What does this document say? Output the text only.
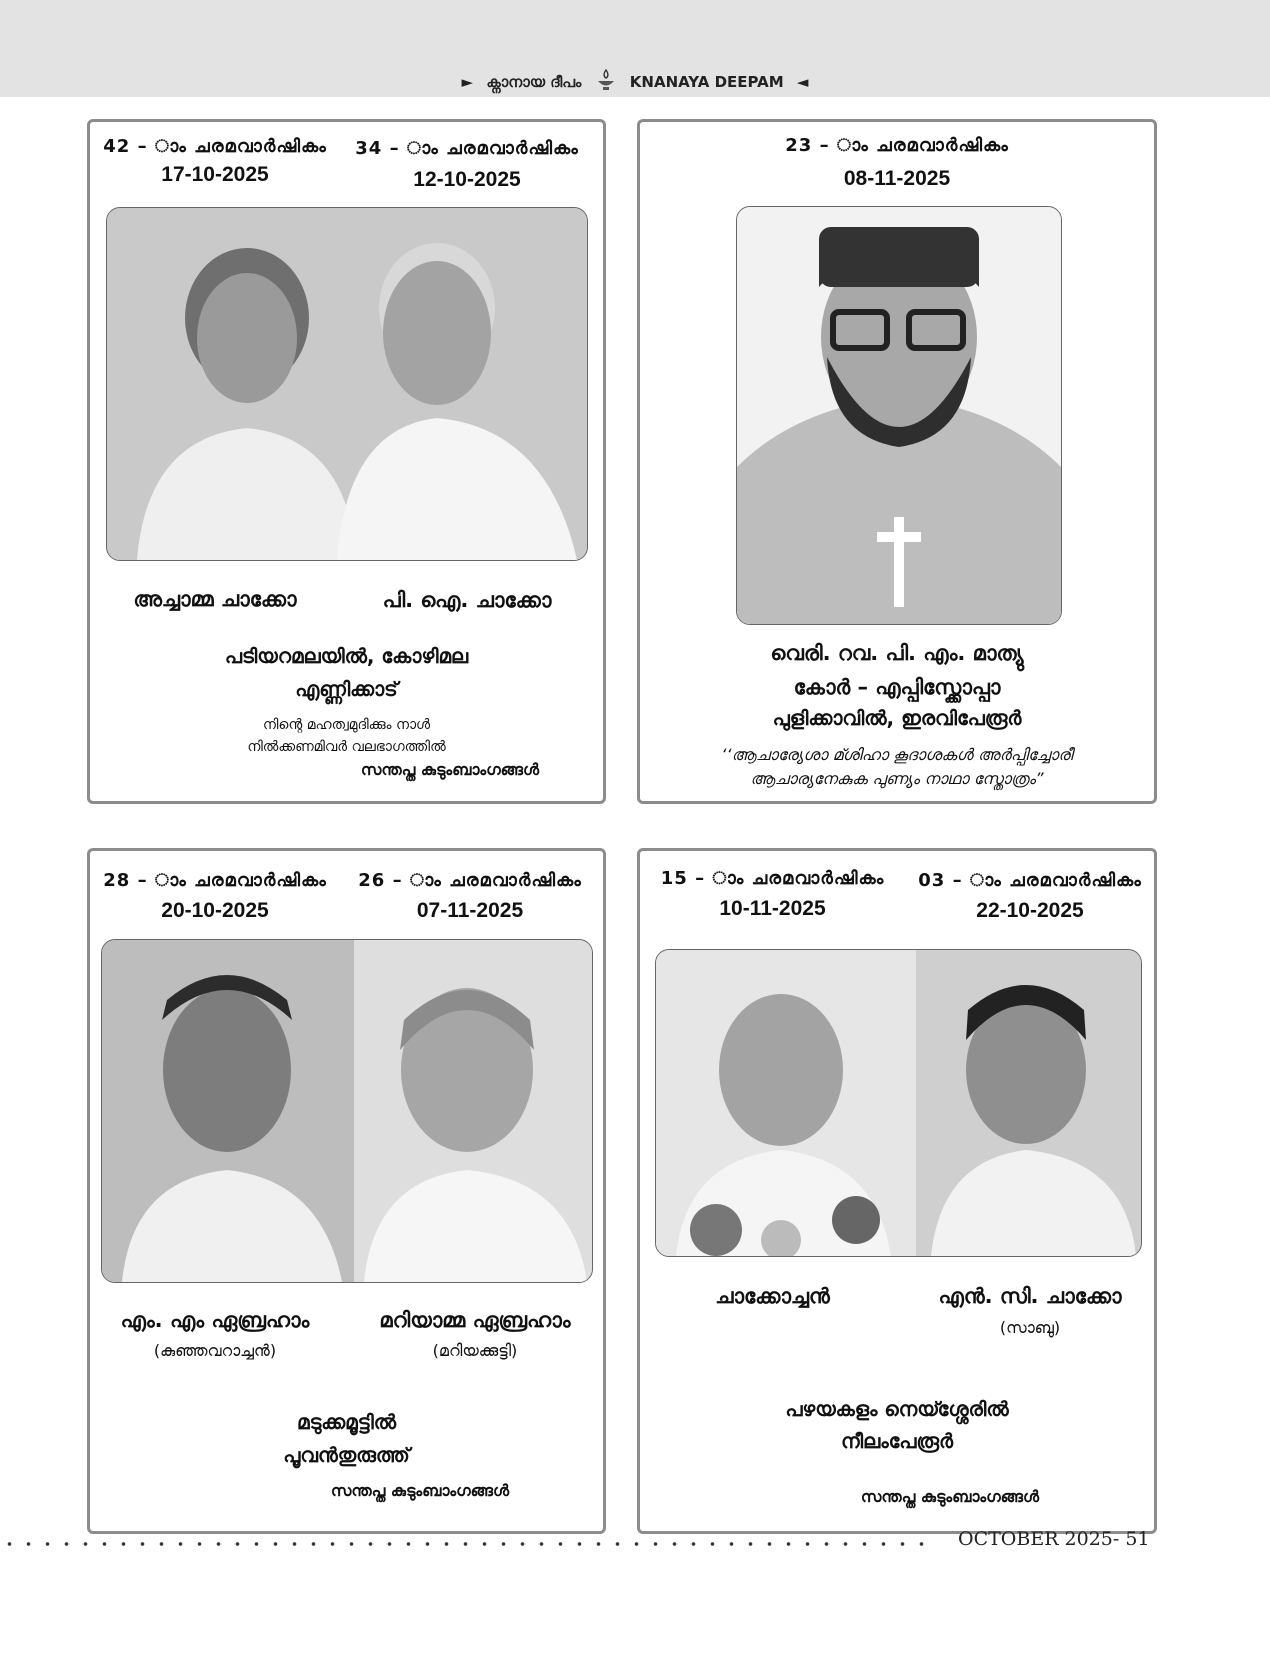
► ക്നാനായ ദീപം	KNANAYA DEEPAM ◄
42 – ാം ചരമവാർഷികം
17-10-2025
34 – ാം ചരമവാർഷികം
12-10-2025
അച്ചാമ്മ ചാക്കോ	പി. ഐ. ചാക്കോ
പടിയറമലയിൽ, കോഴിമല
എണ്ണിക്കാട്
നിന്റെ മഹത്വമുദിക്കും നാൾ
നിൽക്കണമിവർ വലഭാഗത്തിൽ
സന്തപ്ത കുടുംബാംഗങ്ങൾ
23 – ാം ചരമവാർഷികം
08-11-2025
വെരി. റവ. പി. എം. മാത്യു
കോർ – എപ്പിസ്ക്കോപ്പാ
പുളിക്കാവിൽ, ഇരവിപേരൂർ
‘‘ആചാര്യേശാ മ്ശിഹാ കൂദാശകൾ അർപ്പിച്ചോരീ
ആചാര്യനേകുക പുണ്യം നാഥാ സ്തോത്രം”
28 – ാം ചരമവാർഷികം
20-10-2025
26 – ാം ചരമവാർഷികം
07-11-2025
എം. എം ഏബ്രഹാം
(കുഞ്ഞവറാച്ചൻ)
മറിയാമ്മ ഏബ്രഹാം
(മറിയക്കുട്ടി)
മടുക്കമൂട്ടിൽ
പൂവൻതുരുത്ത്
സന്തപ്ത കുടുംബാംഗങ്ങൾ
15 – ാം ചരമവാർഷികം
10-11-2025
03 – ാം ചരമവാർഷികം
22-10-2025
ചാക്കോച്ചൻ	എൻ. സി. ചാക്കോ
(സാബു)
പഴയകളം നെയ്ശ്ശേരിൽ
നീലംപേരൂർ
സന്തപ്ത കുടുംബാംഗങ്ങൾ
OCTOBER 2025- 51
